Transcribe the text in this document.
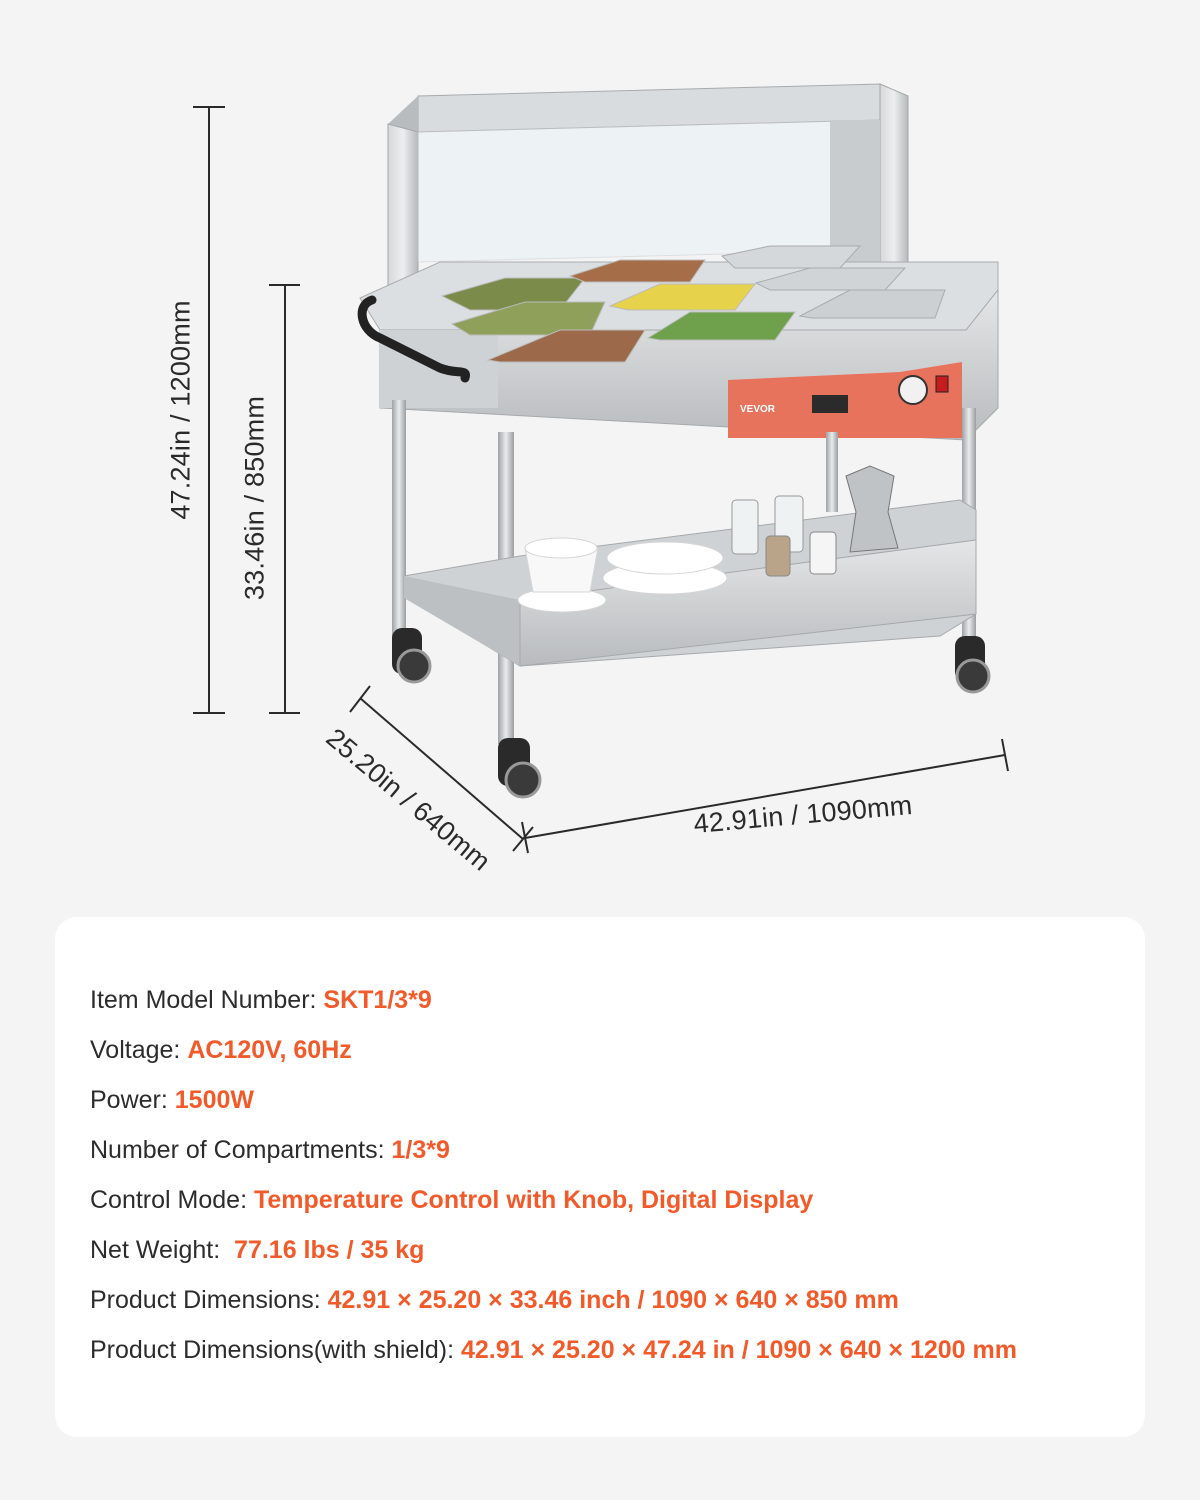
VEVOR
47.24in / 1200mm 33.46in / 850mm
25.20in / 640mm	42.91in / 1090mm
Item Model Number: SKT1/3*9
Voltage: AC120V, 60Hz
Power: 1500W
Number of Compartments: 1/3*9
Control Mode: Temperature Control with Knob, Digital Display
Net Weight:  77.16 lbs / 35 kg
Product Dimensions: 42.91 × 25.20 × 33.46 inch / 1090 × 640 × 850 mm
Product Dimensions(with shield): 42.91 × 25.20 × 47.24 in / 1090 × 640 × 1200 mm
